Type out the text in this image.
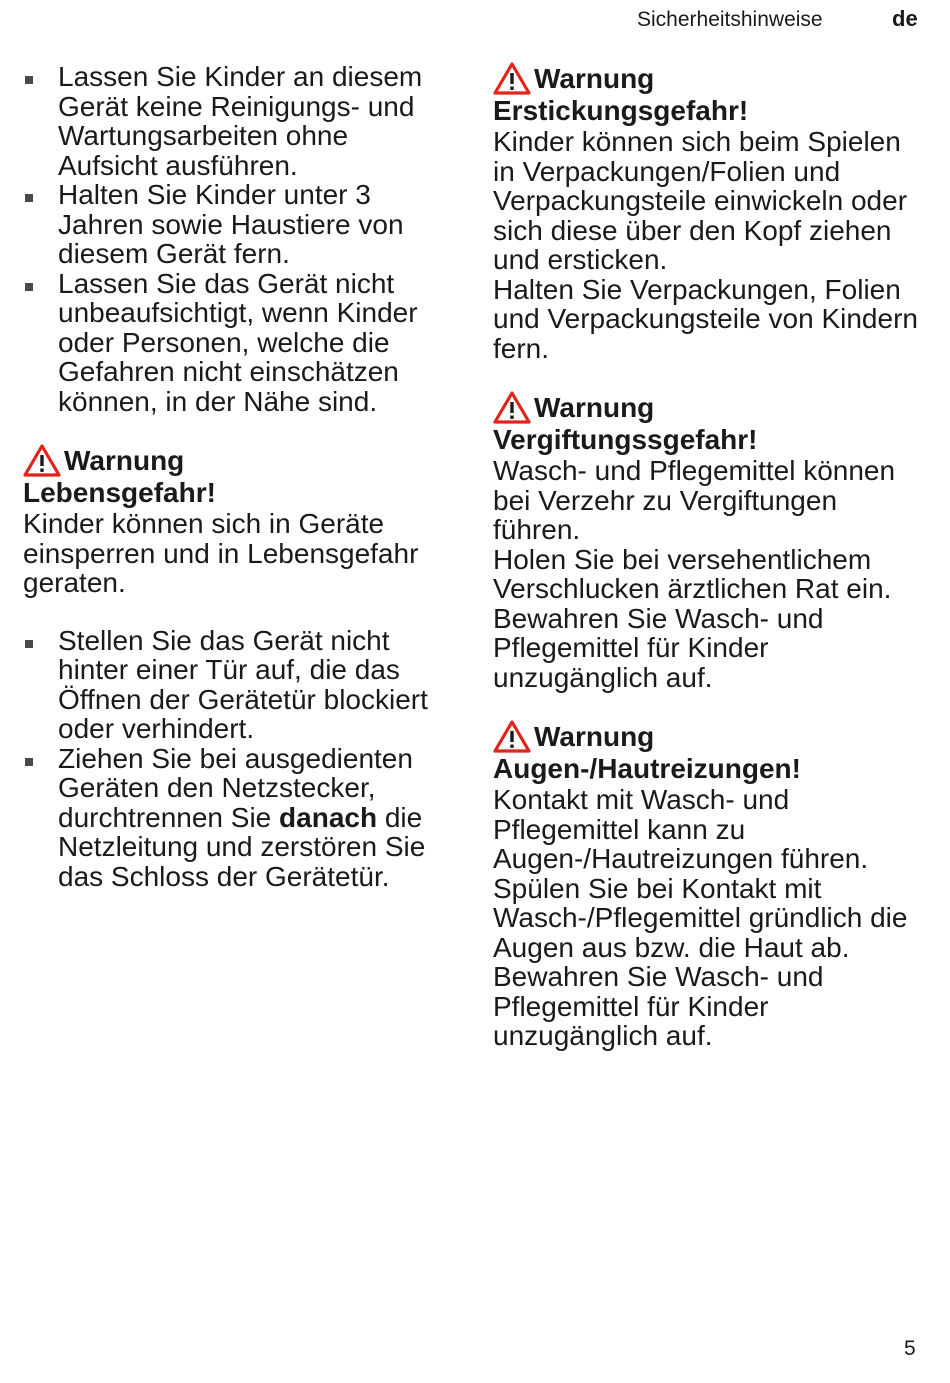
Sicherheitshinweise	de
Lassen Sie Kinder an diesem Gerät keine Reinigungs- und Wartungsarbeiten ohne Aufsicht ausführen.
Halten Sie Kinder unter 3 Jahren sowie Haustiere von diesem Gerät fern.
Lassen Sie das Gerät nicht unbeaufsichtigt, wenn Kinder oder Personen, welche die Gefahren nicht einschätzen können, in der Nähe sind.
Warnung
Lebensgefahr!
Kinder können sich in Geräte einsperren und in Lebensgefahr geraten.
Stellen Sie das Gerät nicht hinter einer Tür auf, die das Öffnen der Gerätetür blockiert oder verhindert.
Ziehen Sie bei ausgedienten Geräten den Netzstecker, durchtrennen Sie danach die Netzleitung und zerstören Sie das Schloss der Gerätetür.
Warnung
Erstickungsgefahr!
Kinder können sich beim Spielen in Verpackungen/Folien und Verpackungsteile einwickeln oder sich diese über den Kopf ziehen und ersticken.
Halten Sie Verpackungen, Folien und Verpackungsteile von Kindern fern.
Warnung
Vergiftungssgefahr!
Wasch- und Pflegemittel können bei Verzehr zu Vergiftungen führen.
Holen Sie bei versehentlichem Verschlucken ärztlichen Rat ein. Bewahren Sie Wasch- und Pflegemittel für Kinder unzugänglich auf.
Warnung
Augen-/Hautreizungen!
Kontakt mit Wasch- und Pflegemittel kann zu Augen-/Hautreizungen führen.
Spülen Sie bei Kontakt mit Wasch-/Pflegemittel gründlich die Augen aus bzw. die Haut ab. Bewahren Sie Wasch- und Pflegemittel für Kinder unzugänglich auf.
5
